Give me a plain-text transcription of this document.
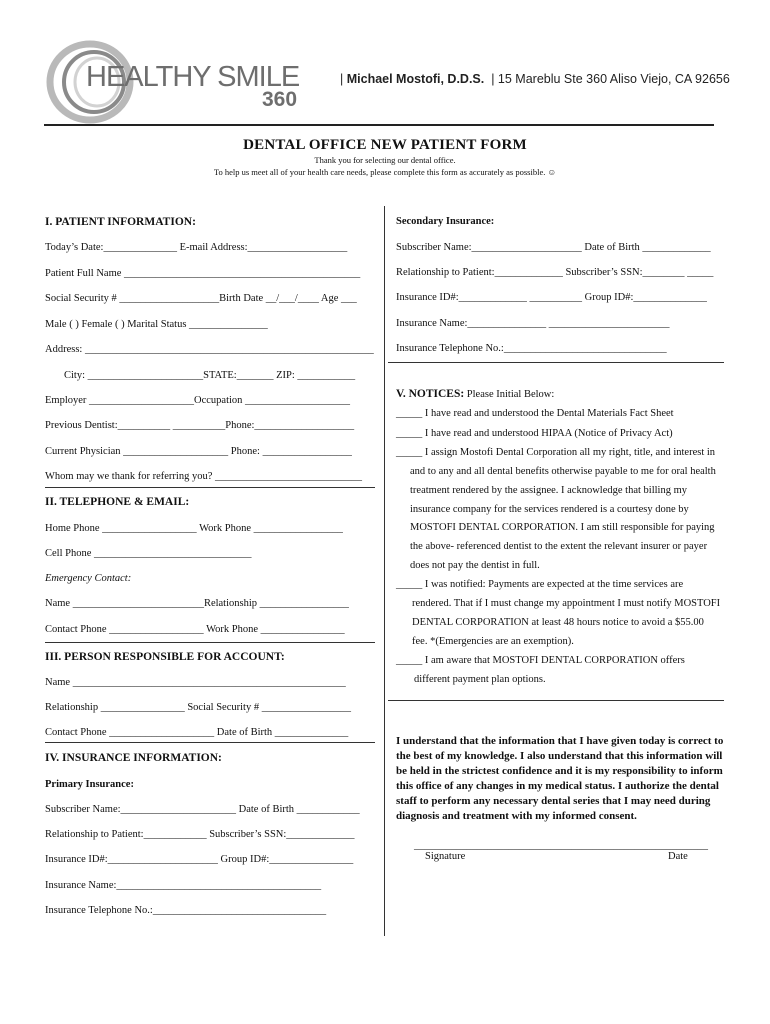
HEALTHY SMILE
360
| Michael Mostofi, D.D.S.  | 15 Mareblu Ste 360 Aliso Viejo, CA 92656
DENTAL OFFICE NEW PATIENT FORM
Thank you for selecting our dental office.
To help us meet all of your health care needs, please complete this form as accurately as possible. ☺
I. PATIENT INFORMATION:
Today’s Date:______________ E-mail Address:___________________
Patient Full Name _____________________________________________
Social Security # ___________________Birth Date __/___/____ Age ___
Male ( ) Female ( ) Marital Status _______________
Address: _______________________________________________________
City: ______________________STATE:_______ ZIP: ___________
Employer ____________________Occupation ____________________
Previous Dentist:__________ __________Phone:___________________
Current Physician ____________________ Phone: _________________
Whom may we thank for referring you? ____________________________
II. TELEPHONE & EMAIL:
Home Phone __________________ Work Phone _________________
Cell Phone ______________________________
Emergency Contact:
Name _________________________Relationship _________________
Contact Phone __________________ Work Phone ________________
III. PERSON RESPONSIBLE FOR ACCOUNT:
Name ____________________________________________________
Relationship ________________ Social Security # _________________
Contact Phone ____________________ Date of Birth ______________
IV. INSURANCE INFORMATION:
Primary Insurance:
Subscriber Name:______________________ Date of Birth ____________
Relationship to Patient:____________ Subscriber’s SSN:_____________
Insurance ID#:_____________________ Group ID#:________________
Insurance Name:_______________________________________
Insurance Telephone No.:_________________________________
Secondary Insurance:
Subscriber Name:_____________________ Date of Birth _____________
Relationship to Patient:_____________ Subscriber’s SSN:________ _____
Insurance ID#:_____________ __________ Group ID#:______________
Insurance Name:_______________ _______________________
Insurance Telephone No.:_______________________________
V. NOTICES: Please Initial Below:
_____ I have read and understood the Dental Materials Fact Sheet
_____ I have read and understood HIPAA (Notice of Privacy Act)
_____ I assign Mostofi Dental Corporation all my right, title, and interest in
and to any and all dental benefits otherwise payable to me for oral health
treatment rendered by the assignee. I acknowledge that billing my
insurance company for the services rendered is a courtesy done by
MOSTOFI DENTAL CORPORATION. I am still responsible for paying
the above- referenced dentist to the extent the relevant insurer or payer
does not pay the dentist in full.
_____ I was notified: Payments are expected at the time services are
rendered. That if I must change my appointment I must notify MOSTOFI
DENTAL CORPORATION at least 48 hours notice to avoid a $55.00
fee. *(Emergencies are an exemption).
_____ I am aware that MOSTOFI DENTAL CORPORATION offers
different payment plan options.
I understand that the information that I have given today is correct to the best of my knowledge. I also understand that this information will be held in the strictest confidence and it is my responsibility to inform this office of any changes in my medical status. I authorize the dental staff to perform any necessary dental series that I may need during diagnosis and treatment with my informed consent.
________________________________________________________
Signature	Date
